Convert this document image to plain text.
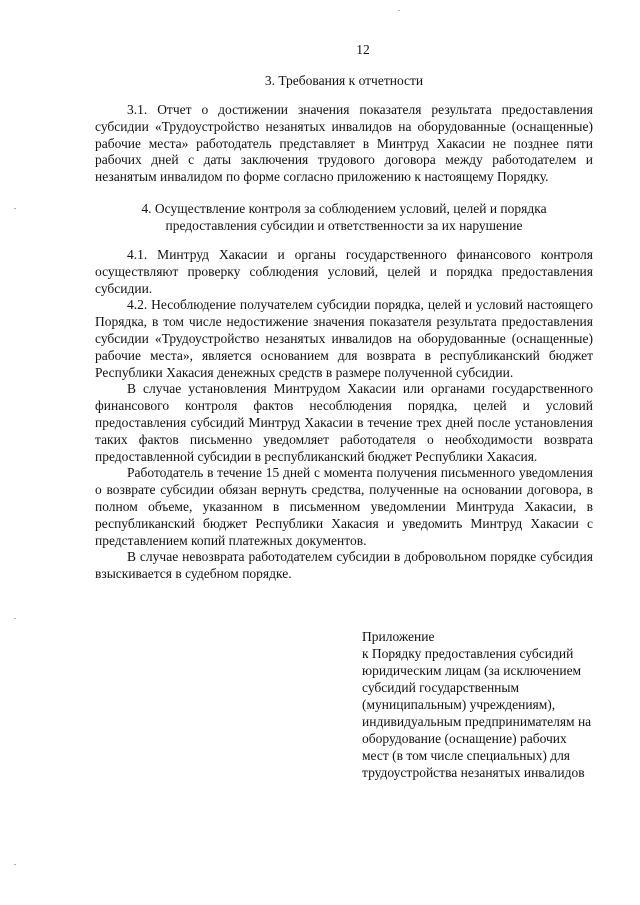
12
3. Требования к отчетности

3.1. Отчет о достижении значения показателя результата предоставления субсидии «Трудоустройство незанятых инвалидов на оборудованные (оснащенные) рабочие места» работодатель представляет в Минтруд Хакасии не позднее пяти рабочих дней с даты заключения трудового договора между работодателем и незанятым инвалидом по форме согласно приложению к настоящему Порядку.

4. Осуществление контроля за соблюдением условий, целей и порядка
предоставления субсидии и ответственности за их нарушение

4.1. Минтруд Хакасии и органы государственного финансового контроля осуществляют проверку соблюдения условий, целей и порядка предоставления субсидии.

4.2. Несоблюдение получателем субсидии порядка, целей и условий настоящего Порядка, в том числе недостижение значения показателя результата предоставления субсидии «Трудоустройство незанятых инвалидов на оборудованные (оснащенные) рабочие места», является основанием для возврата в республиканский бюджет Республики Хакасия денежных средств в размере полученной субсидии.

В случае установления Минтрудом Хакасии или органами государственного финансового контроля фактов несоблюдения порядка, целей и условий предоставления субсидий Минтруд Хакасии в течение трех дней после установления таких фактов письменно уведомляет работодателя о необходимости возврата предоставленной субсидии в республиканский бюджет Республики Хакасия.

Работодатель в течение 15 дней с момента получения письменного уведомления о возврате субсидии обязан вернуть средства, полученные на основании договора, в полном объеме, указанном в письменном уведомлении Минтруда Хакасии, в республиканский бюджет Республики Хакасия и уведомить Минтруд Хакасии с представлением копий платежных документов.

В случае невозврата работодателем субсидии в добровольном порядке субсидия взыскивается в судебном порядке.

Приложение
к Порядку предоставления субсидий
юридическим лицам (за исключением
субсидий государственным
(муниципальным) учреждениям),
индивидуальным предпринимателям на
оборудование (оснащение) рабочих
мест (в том числе специальных) для
трудоустройства незанятых инвалидов
